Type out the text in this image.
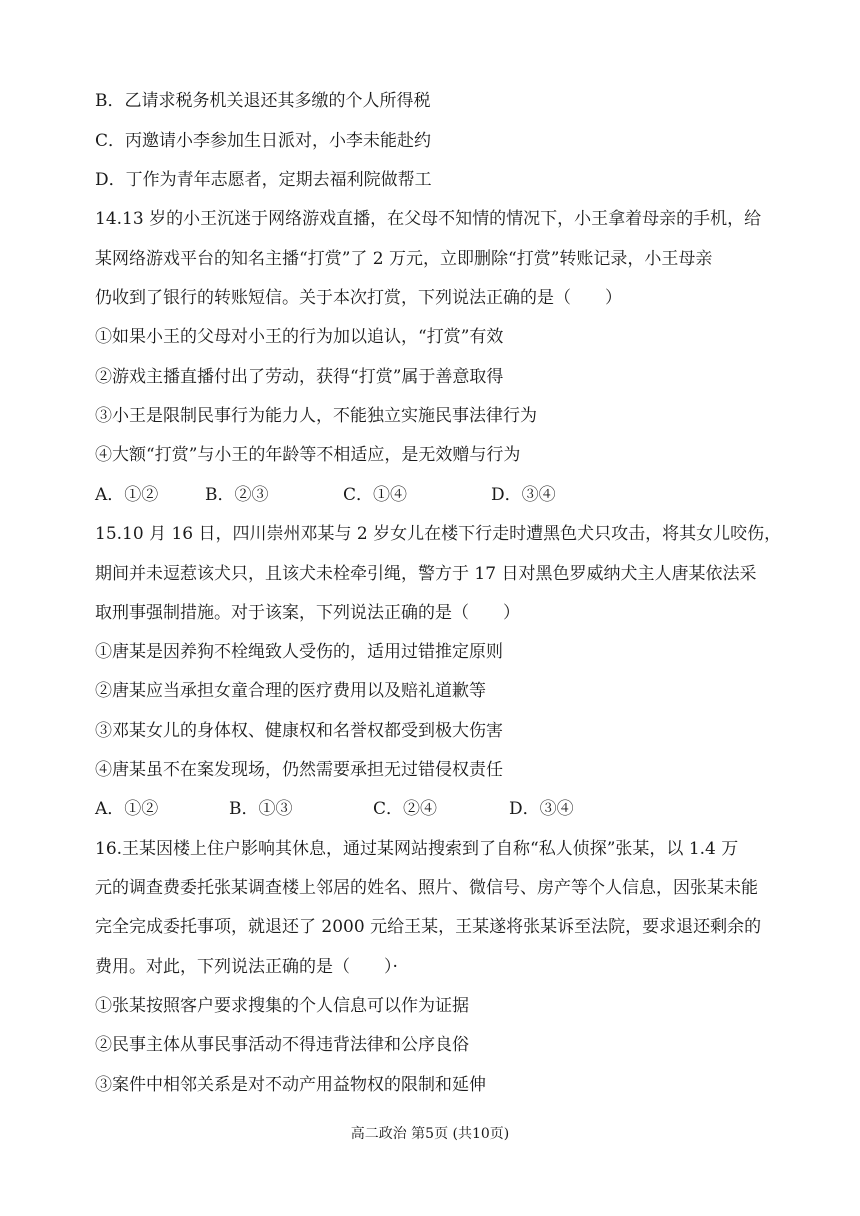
B．乙请求税务机关退还其多缴的个人所得税
C．丙邀请小李参加生日派对，小李未能赴约
D．丁作为青年志愿者，定期去福利院做帮工
14.13 岁的小王沉迷于网络游戏直播，在父母不知情的情况下，小王拿着母亲的手机，给
某网络游戏平台的知名主播“打赏”了 2 万元，立即删除“打赏”转账记录，小王母亲
仍收到了银行的转账短信。关于本次打赏，下列说法正确的是（　　）
①如果小王的父母对小王的行为加以追认，“打赏”有效
②游戏主播直播付出了劳动，获得“打赏”属于善意取得
③小王是限制民事行为能力人，不能独立实施民事法律行为
④大额“打赏”与小王的年龄等不相适应，是无效赠与行为
A．①②	B．②③	C．①④	D．③④
15.10 月 16 日，四川崇州邓某与 2 岁女儿在楼下行走时遭黑色犬只攻击，将其女儿咬伤，
期间并未逗惹该犬只，且该犬未栓牵引绳，警方于 17 日对黑色罗威纳犬主人唐某依法采
取刑事强制措施。对于该案，下列说法正确的是（　　）
①唐某是因养狗不栓绳致人受伤的，适用过错推定原则
②唐某应当承担女童合理的医疗费用以及赔礼道歉等
③邓某女儿的身体权、健康权和名誉权都受到极大伤害
④唐某虽不在案发现场，仍然需要承担无过错侵权责任
A．①②	B．①③	C．②④	D．③④
16.王某因楼上住户影响其休息，通过某网站搜索到了自称“私人侦探”张某，以 1.4 万
元的调查费委托张某调查楼上邻居的姓名、照片、微信号、房产等个人信息，因张某未能
完全完成委托事项，就退还了 2000 元给王某，王某遂将张某诉至法院，要求退还剩余的
费用。对此，下列说法正确的是（　　）·
①张某按照客户要求搜集的个人信息可以作为证据
②民事主体从事民事活动不得违背法律和公序良俗
③案件中相邻关系是对不动产用益物权的限制和延伸
高二政治 第5页 (共10页)
